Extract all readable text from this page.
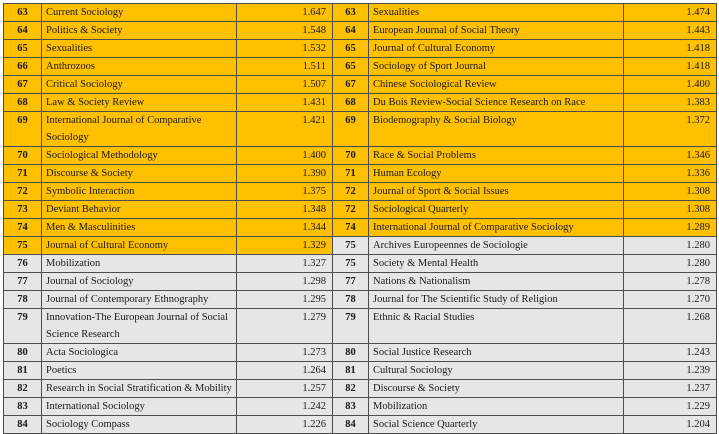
63	Current Sociology	1.647	63	Sexualities	1.474
64	Politics & Society	1.548	64	European Journal of Social Theory	1.443
65	Sexualities	1.532	65	Journal of Cultural Economy	1.418
66	Anthrozoos	1.511	65	Sociology of Sport Journal	1.418
67	Critical Sociology	1.507	67	Chinese Sociological Review	1.400
68	Law & Society Review	1.431	68	Du Bois Review-Social Science Research on Race	1.383
69	International Journal of Comparative Sociology	1.421	69	Biodemography & Social Biology	1.372
70	Sociological Methodology	1.400	70	Race & Social Problems	1.346
71	Discourse & Society	1.390	71	Human Ecology	1.336
72	Symbolic Interaction	1.375	72	Journal of Sport & Social Issues	1.308
73	Deviant Behavior	1.348	72	Sociological Quarterly	1.308
74	Men & Masculinities	1.344	74	International Journal of Comparative Sociology	1.289
75	Journal of Cultural Economy	1.329	75	Archives Europeennes de Sociologie	1.280
76	Mobilization	1.327	75	Society & Mental Health	1.280
77	Journal of Sociology	1.298	77	Nations & Nationalism	1.278
78	Journal of Contemporary Ethnography	1.295	78	Journal for The Scientific Study of Religion	1.270
79	Innovation-The European Journal of Social Science Research	1.279	79	Ethnic & Racial Studies	1.268
80	Acta Sociologica	1.273	80	Social Justice Research	1.243
81	Poetics	1.264	81	Cultural Sociology	1.239
82	Research in Social Stratification & Mobility	1.257	82	Discourse & Society	1.237
83	International Sociology	1.242	83	Mobilization	1.229
84	Sociology Compass	1.226	84	Social Science Quarterly	1.204
